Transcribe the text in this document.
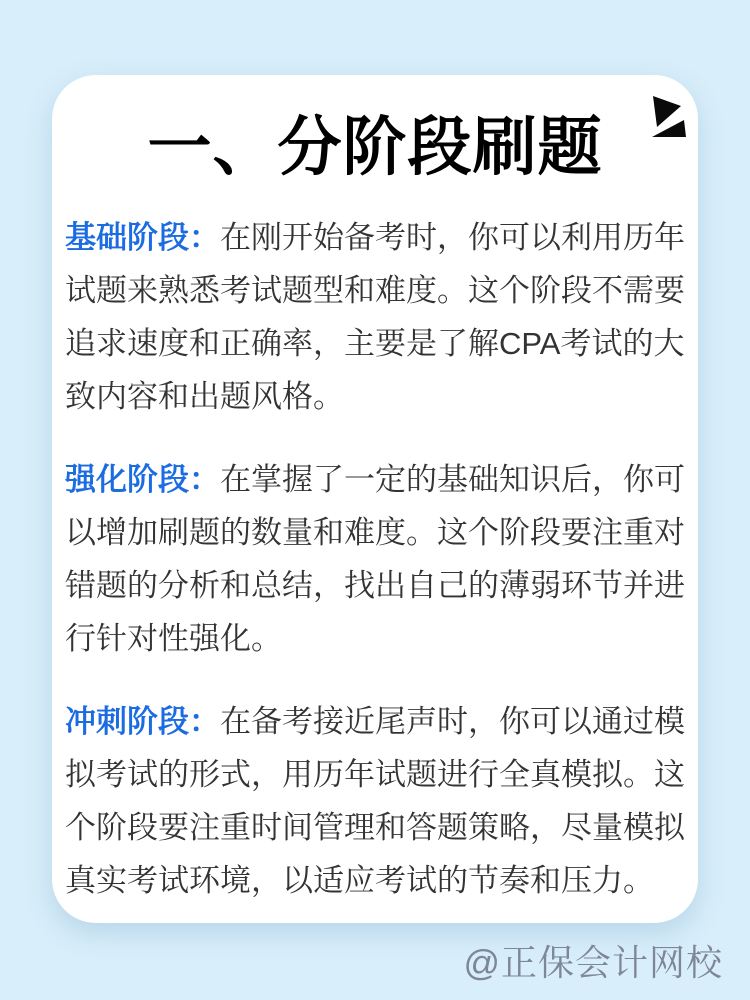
一、分阶段刷题

基础阶段：在刚开始备考时，你可以利用历年试题来熟悉考试题型和难度。这个阶段不需要追求速度和正确率，主要是了解CPA考试的大致内容和出题风格。

强化阶段：在掌握了一定的基础知识后，你可以增加刷题的数量和难度。这个阶段要注重对错题的分析和总结，找出自己的薄弱环节并进行针对性强化。

冲刺阶段：在备考接近尾声时，你可以通过模拟考试的形式，用历年试题进行全真模拟。这个阶段要注重时间管理和答题策略，尽量模拟真实考试环境，以适应考试的节奏和压力。

@正保会计网校
